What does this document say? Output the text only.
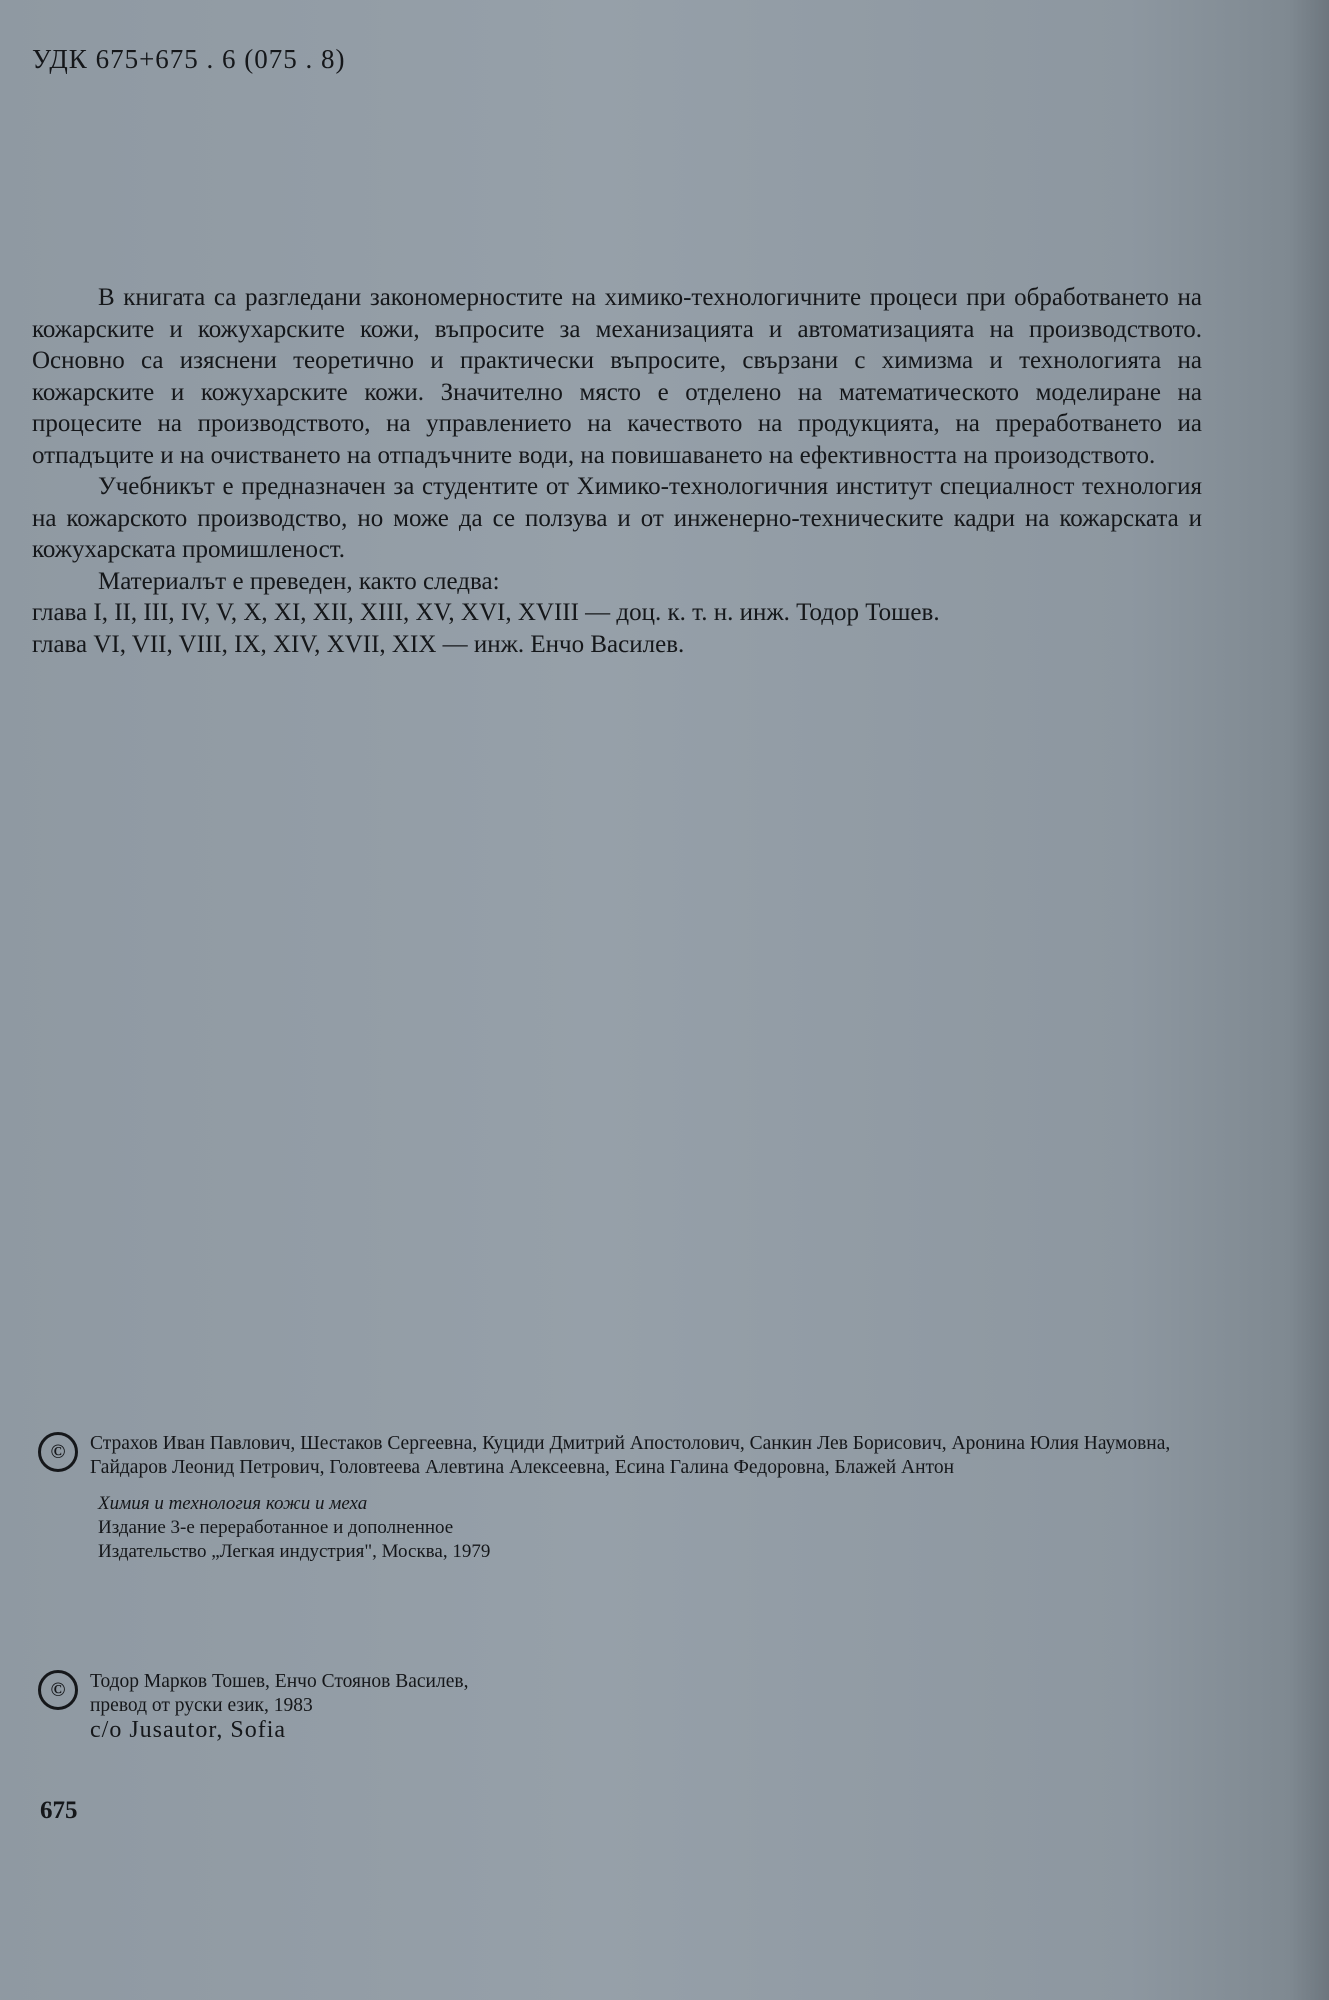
УДК 675+675 . 6 (075 . 8)

В книгата са разгледани закономерностите на химико-технологичните процеси при обработването на кожарските и кожухарските кожи, въпросите за механизацията и автоматизацията на производството. Основно са изяснени теоретично и практически въпросите, свързани с химизма и технологията на кожарските и кожухарските кожи. Значително място е отделено на математическото моделиране на процесите на производството, на управлението на качеството на продукцията, на преработването иа отпадъците и на очистването на отпадъчните води, на повишаването на ефективността на произодството.

Учебникът е предназначен за студентите от Химико-технологичния институт специалност технология на кожарското производство, но може да се ползува и от инженерно-техническите кадри на кожарската и кожухарската промишленост.

Материалът е преведен, както следва:

глава I, II, III, IV, V, X, XI, XII, XIII, XV, XVI, XVIII — доц. к. т. н. инж. Тодор Тошев.

глава VI, VII, VIII, IX, XIV, XVII, XIX — инж. Енчо Василев.

©	Страхов Иван Павлович, Шестаков Сергеевна, Куциди Дмитрий Апостолович, Санкин Лев Борисович, Аронина Юлия Наумовна, Гайдаров Леонид Петрович, Головтеева Алевтина Алексеевна, Есина Галина Федоровна, Блажей Антон

Химия и технология кожи и меха

Издание 3-е переработанное и дополненное

Издательство „Легкая индустрия", Москва, 1979

©	Тодор Марков Тошев, Енчо Стоянов Василев,

превод от руски език, 1983

c/o Jusautor, Sofia

675
